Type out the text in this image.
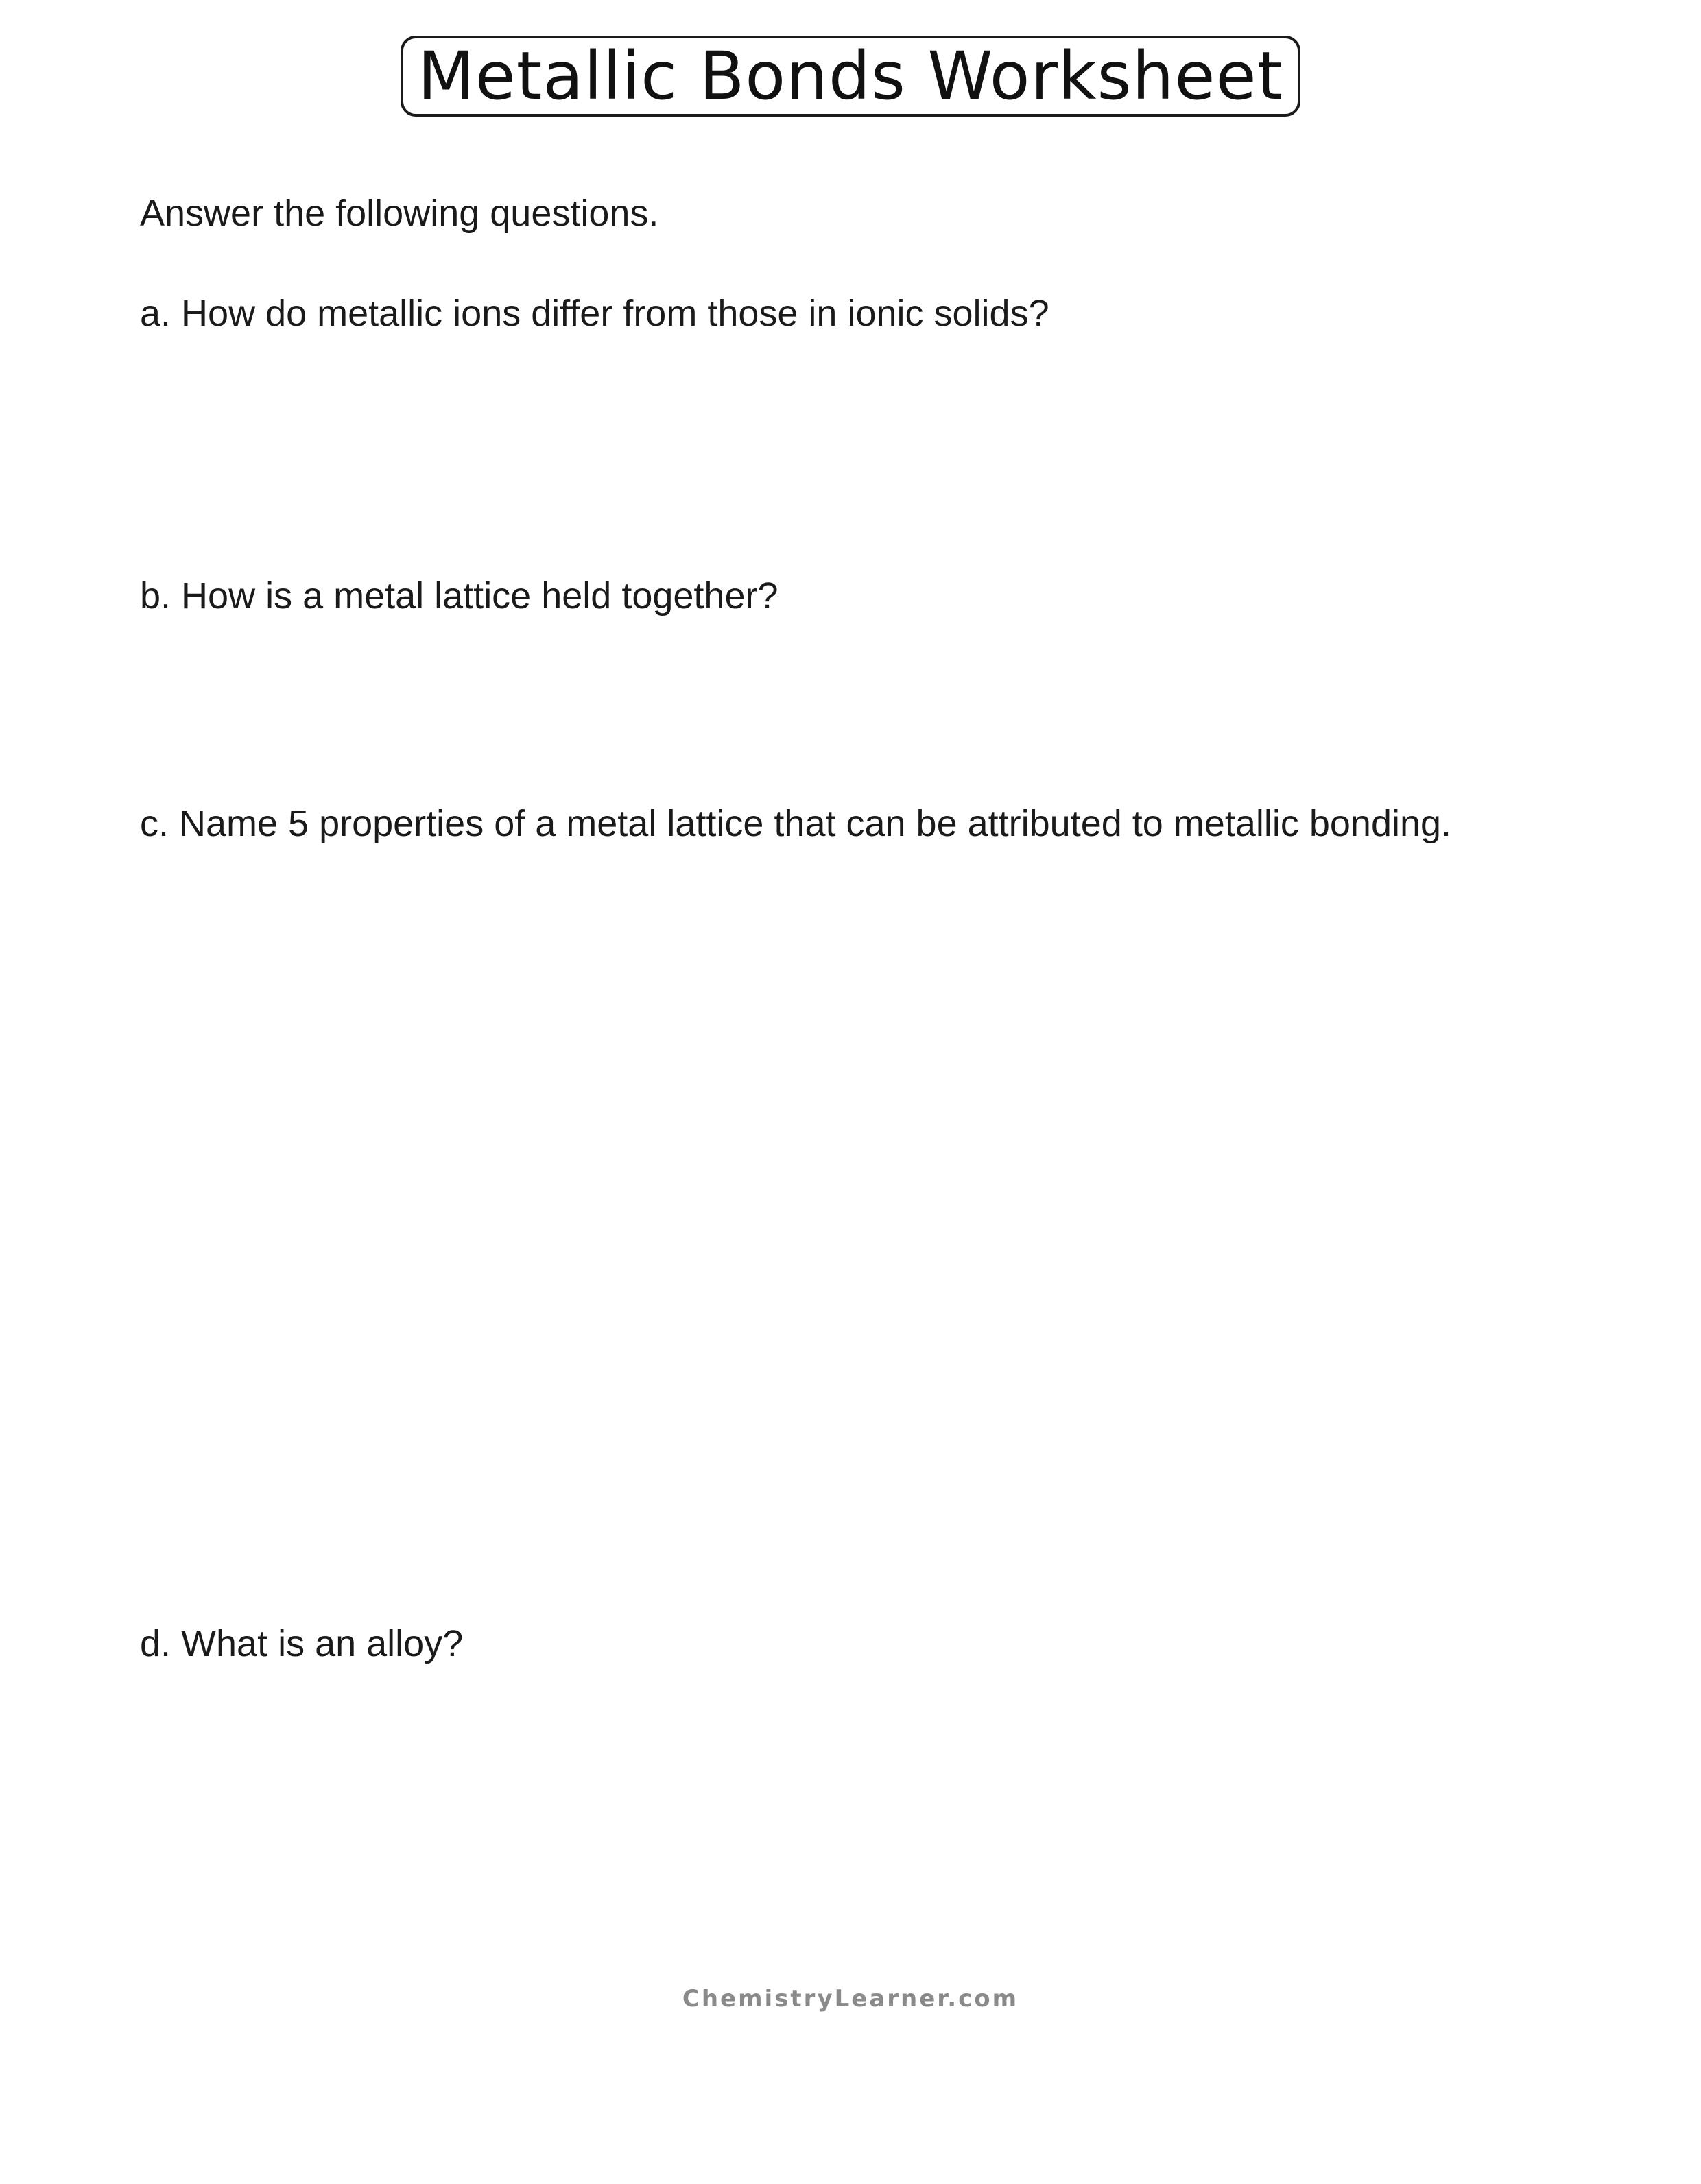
Metallic Bonds Worksheet
Answer the following questions.
a. How do metallic ions differ from those in ionic solids?
b. How is a metal lattice held together?
c. Name 5 properties of a metal lattice that can be attributed to metallic bonding.
d. What is an alloy?
ChemistryLearner.com
